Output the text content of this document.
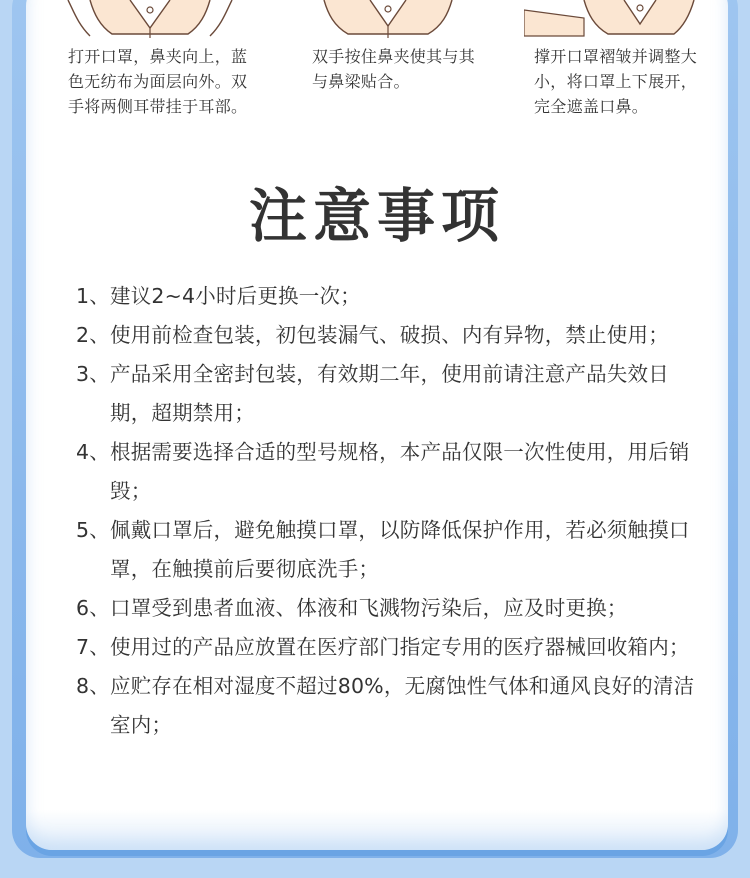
打开口罩，鼻夹向上，蓝色无纺布为面层向外。双手将两侧耳带挂于耳部。
双手按住鼻夹使其与其与鼻梁贴合。
撑开口罩褶皱并调整大小，将口罩上下展开，完全遮盖口鼻。
注意事项
1、 建议2~4小时后更换一次；
2、 使用前检查包装，初包装漏气、破损、内有异物，禁止使用；
3、 产品采用全密封包装，有效期二年，使用前请注意产品失效日期，超期禁用；
4、 根据需要选择合适的型号规格，本产品仅限一次性使用，用后销毁；
5、 佩戴口罩后，避免触摸口罩，以防降低保护作用，若必须触摸口罩，在触摸前后要彻底洗手；
6、 口罩受到患者血液、体液和飞溅物污染后，应及时更换；
7、 使用过的产品应放置在医疗部门指定专用的医疗器械回收箱内；
8、 应贮存在相对湿度不超过80%，无腐蚀性气体和通风良好的清洁室内；
